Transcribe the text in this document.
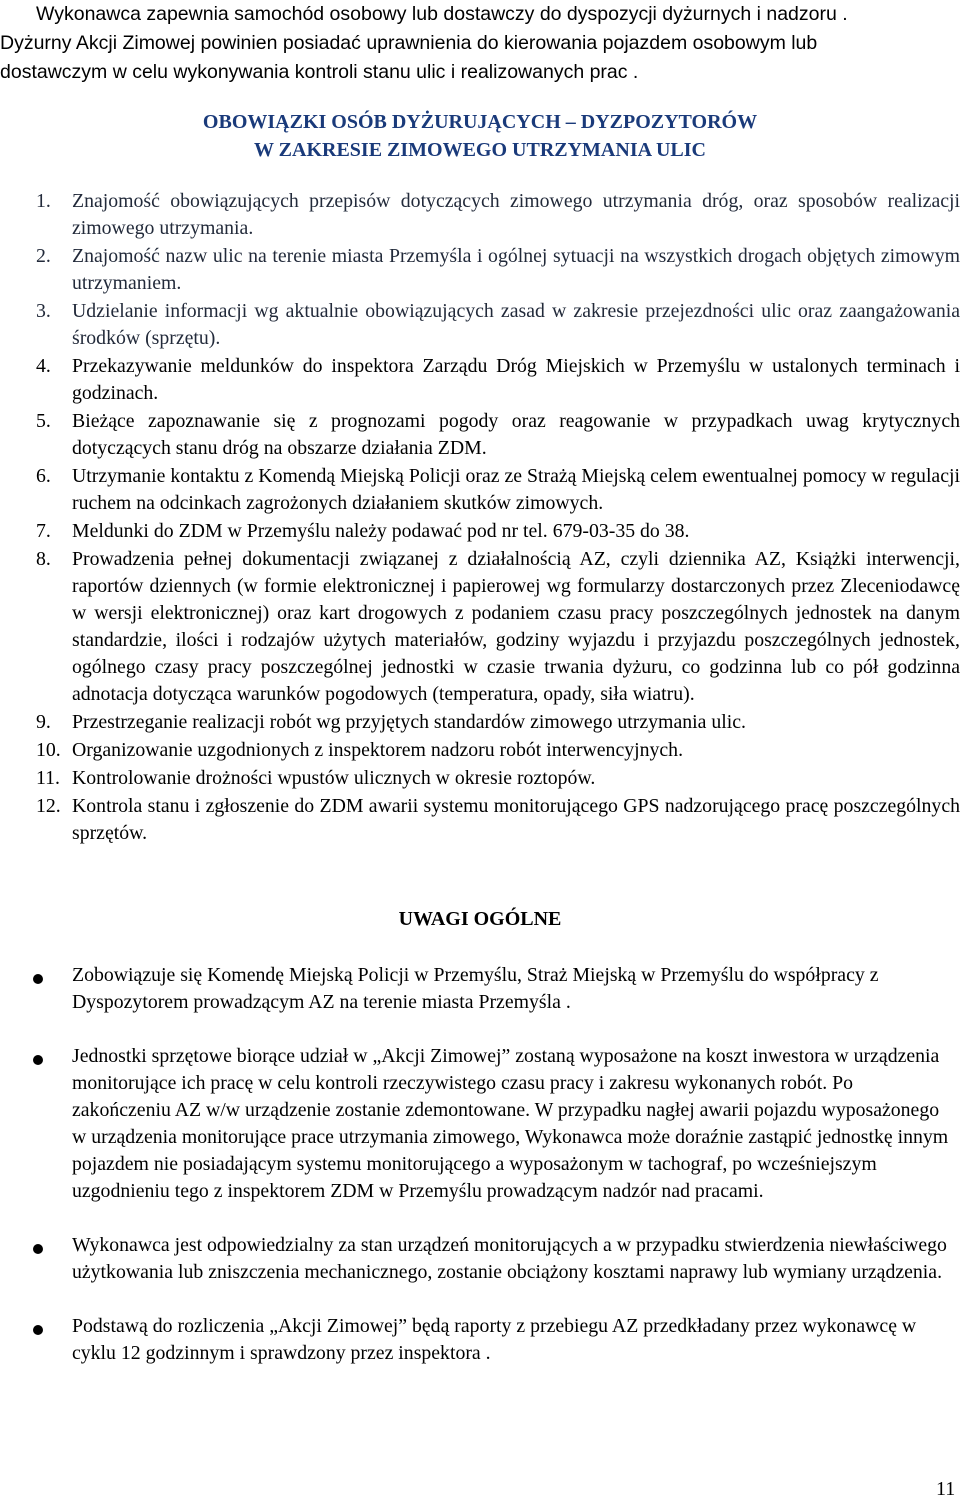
Wykonawca zapewnia samochód osobowy lub dostawczy do dyspozycji dyżurnych i nadzoru .

Dyżurny Akcji Zimowej powinien posiadać uprawnienia do kierowania pojazdem osobowym lub

dostawczym w celu wykonywania kontroli stanu ulic i realizowanych prac .

OBOWIĄZKI OSÓB DYŻURUJĄCYCH – DYZPOZYTORÓW
W ZAKRESIE ZIMOWEGO UTRZYMANIA ULIC
1. Znajomość obowiązujących przepisów dotyczących zimowego utrzymania dróg, oraz sposobów realizacji zimowego utrzymania.
2. Znajomość nazw ulic na terenie miasta Przemyśla i ogólnej sytuacji na wszystkich drogach objętych zimowym utrzymaniem.
3. Udzielanie informacji wg aktualnie obowiązujących zasad w zakresie przejezdności ulic oraz zaangażowania środków (sprzętu).
4. Przekazywanie meldunków do inspektora Zarządu Dróg Miejskich w Przemyślu w ustalonych terminach i godzinach.
5. Bieżące zapoznawanie się z prognozami pogody oraz reagowanie w przypadkach uwag krytycznych dotyczących stanu dróg na obszarze działania ZDM.
6. Utrzymanie kontaktu z Komendą Miejską Policji oraz ze Strażą Miejską celem ewentualnej pomocy w regulacji ruchem na odcinkach zagrożonych działaniem skutków zimowych.
7. Meldunki do ZDM w Przemyślu należy podawać pod nr tel. 679-03-35 do 38.
8. Prowadzenia pełnej dokumentacji związanej z działalnością AZ, czyli dziennika AZ, Książki interwencji, raportów dziennych (w formie elektronicznej i papierowej wg formularzy dostarczonych przez Zleceniodawcę w wersji elektronicznej) oraz kart drogowych z podaniem czasu pracy poszczególnych jednostek na danym standardzie, ilości i rodzajów użytych materiałów, godziny wyjazdu i przyjazdu poszczególnych jednostek, ogólnego czasy pracy poszczególnej jednostki w czasie trwania dyżuru, co godzinna lub co pół godzinna adnotacja dotycząca warunków pogodowych (temperatura, opady, siła wiatru).
9. Przestrzeganie realizacji robót wg przyjętych standardów zimowego utrzymania ulic.
10. Organizowanie uzgodnionych z inspektorem nadzoru robót interwencyjnych.
11. Kontrolowanie drożności wpustów ulicznych w okresie roztopów.
12. Kontrola stanu i zgłoszenie do ZDM awarii systemu monitorującego GPS nadzorującego pracę poszczególnych sprzętów.
UWAGI OGÓLNE
Zobowiązuje się Komendę Miejską Policji w Przemyślu, Straż Miejską w Przemyślu do współpracy z Dyspozytorem prowadzącym AZ na terenie miasta Przemyśla .
Jednostki sprzętowe biorące udział w „Akcji Zimowej” zostaną wyposażone na koszt inwestora w urządzenia monitorujące ich pracę w celu kontroli rzeczywistego czasu pracy i zakresu wykonanych robót. Po zakończeniu AZ w/w urządzenie zostanie zdemontowane. W przypadku nagłej awarii pojazdu wyposażonego w urządzenia monitorujące prace utrzymania zimowego, Wykonawca może doraźnie zastąpić jednostkę innym pojazdem nie posiadającym systemu monitorującego a wyposażonym w tachograf, po wcześniejszym uzgodnieniu tego z inspektorem ZDM w Przemyślu prowadzącym nadzór nad pracami.
Wykonawca jest odpowiedzialny za stan urządzeń monitorujących a w przypadku stwierdzenia niewłaściwego użytkowania lub zniszczenia mechanicznego, zostanie obciążony kosztami naprawy lub wymiany urządzenia.
Podstawą do rozliczenia „Akcji Zimowej” będą raporty z przebiegu AZ przedkładany przez wykonawcę w cyklu 12 godzinnym i sprawdzony przez inspektora .
11
